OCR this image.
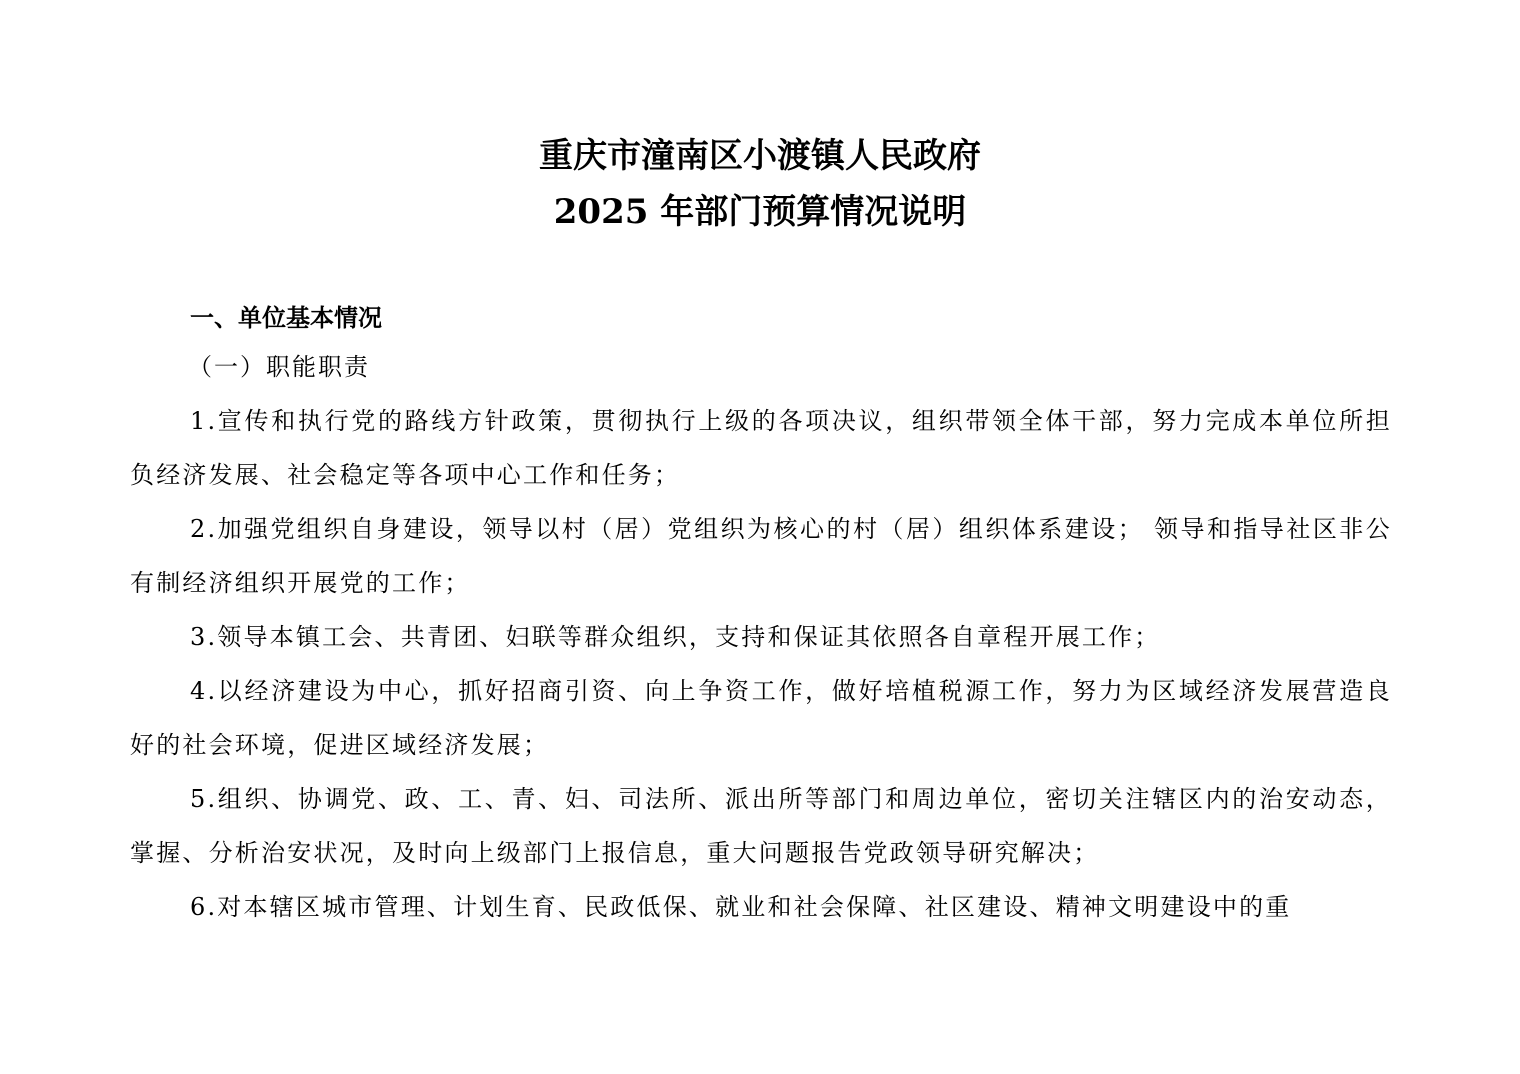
重庆市潼南区小渡镇人民政府
2025 年部门预算情况说明
一、单位基本情况
（一）职能职责

1.宣传和执行党的路线方针政策，贯彻执行上级的各项决议，组织带领全体干部，努力完成本单位所担负经济发展、社会稳定等各项中心工作和任务；

2.加强党组织自身建设，领导以村（居）党组织为核心的村（居）组织体系建设； 领导和指导社区非公有制经济组织开展党的工作；

3.领导本镇工会、共青团、妇联等群众组织，支持和保证其依照各自章程开展工作；

4.以经济建设为中心，抓好招商引资、向上争资工作，做好培植税源工作，努力为区域经济发展营造良好的社会环境，促进区域经济发展；

5.组织、协调党、政、工、青、妇、司法所、派出所等部门和周边单位，密切关注辖区内的治安动态，掌握、分析治安状况，及时向上级部门上报信息，重大问题报告党政领导研究解决；

6.对本辖区城市管理、计划生育、民政低保、就业和社会保障、社区建设、精神文明建设中的重
